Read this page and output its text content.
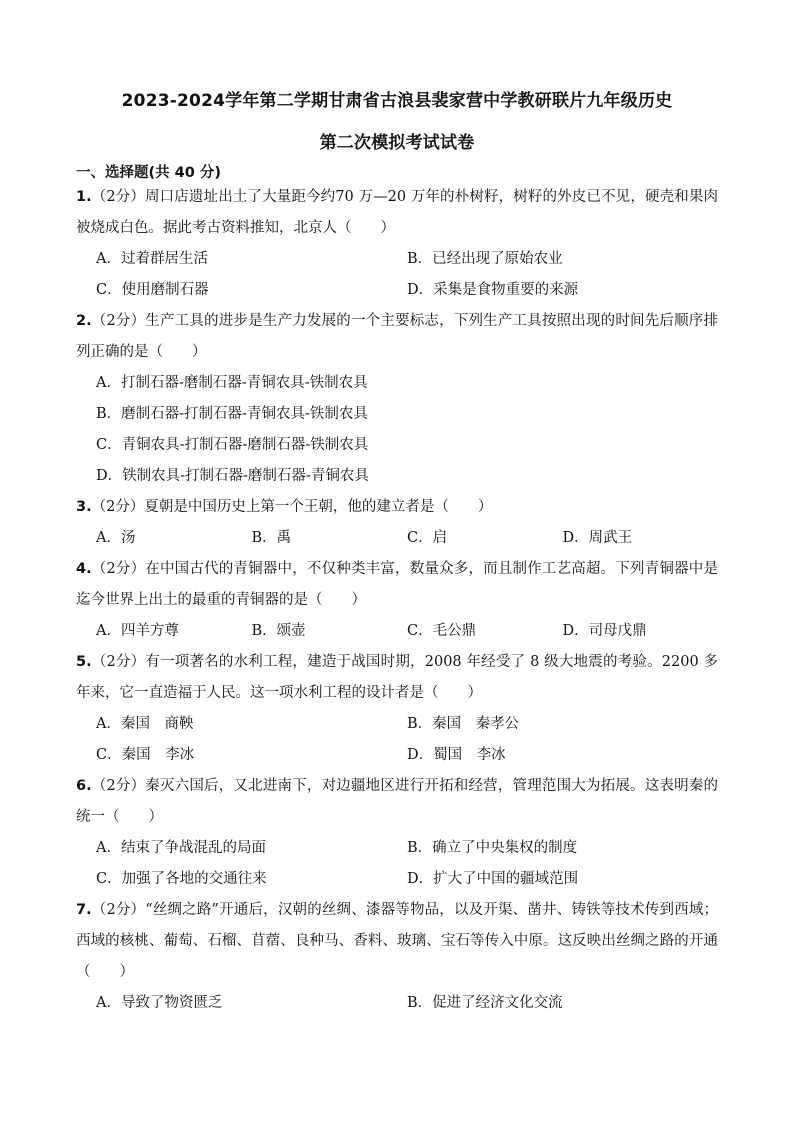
2023-2024学年第二学期甘肃省古浪县裴家营中学教研联片九年级历史
第二次模拟考试试卷
一、选择题(共 40 分)

1.（2分）周口店遗址出土了大量距今约70 万—20 万年的朴树籽，树籽的外皮已不见，硬壳和果肉被烧成白色。据此考古资料推知，北京人（　　）

A．过着群居生活	B．已经出现了原始农业
C．使用磨制石器	D．采集是食物重要的来源

2.（2分）生产工具的进步是生产力发展的一个主要标志，下列生产工具按照出现的时间先后顺序排列正确的是（　　）

A．打制石器-磨制石器-青铜农具-铁制农具
B．磨制石器-打制石器-青铜农具-铁制农具
C．青铜农具-打制石器-磨制石器-铁制农具
D．铁制农具-打制石器-磨制石器-青铜农具

3.（2分）夏朝是中国历史上第一个王朝，他的建立者是（　　）

A．汤	B．禹	C．启	D．周武王

4.（2分）在中国古代的青铜器中，不仅种类丰富，数量众多，而且制作工艺高超。下列青铜器中是迄今世界上出土的最重的青铜器的是（　　）

A．四羊方尊	B．颂壶	C．毛公鼎	D．司母戊鼎

5.（2分）有一项著名的水利工程，建造于战国时期，2008 年经受了 8 级大地震的考验。2200 多年来，它一直造福于人民。这一项水利工程的设计者是（　　）

A．秦国　商鞅	B．秦国　秦孝公
C．秦国　李冰	D．蜀国　李冰

6.（2分）秦灭六国后，又北进南下，对边疆地区进行开拓和经营，管理范围大为拓展。这表明秦的统一（　　）

A．结束了争战混乱的局面	B．确立了中央集权的制度
C．加强了各地的交通往来	D．扩大了中国的疆域范围

7.（2分）“丝绸之路”开通后，汉朝的丝绸、漆器等物品，以及开渠、凿井、铸铁等技术传到西域；西域的核桃、葡萄、石榴、苜蓿、良种马、香料、玻璃、宝石等传入中原。这反映出丝绸之路的开通（　　）

A．导致了物资匮乏	B．促进了经济文化交流
